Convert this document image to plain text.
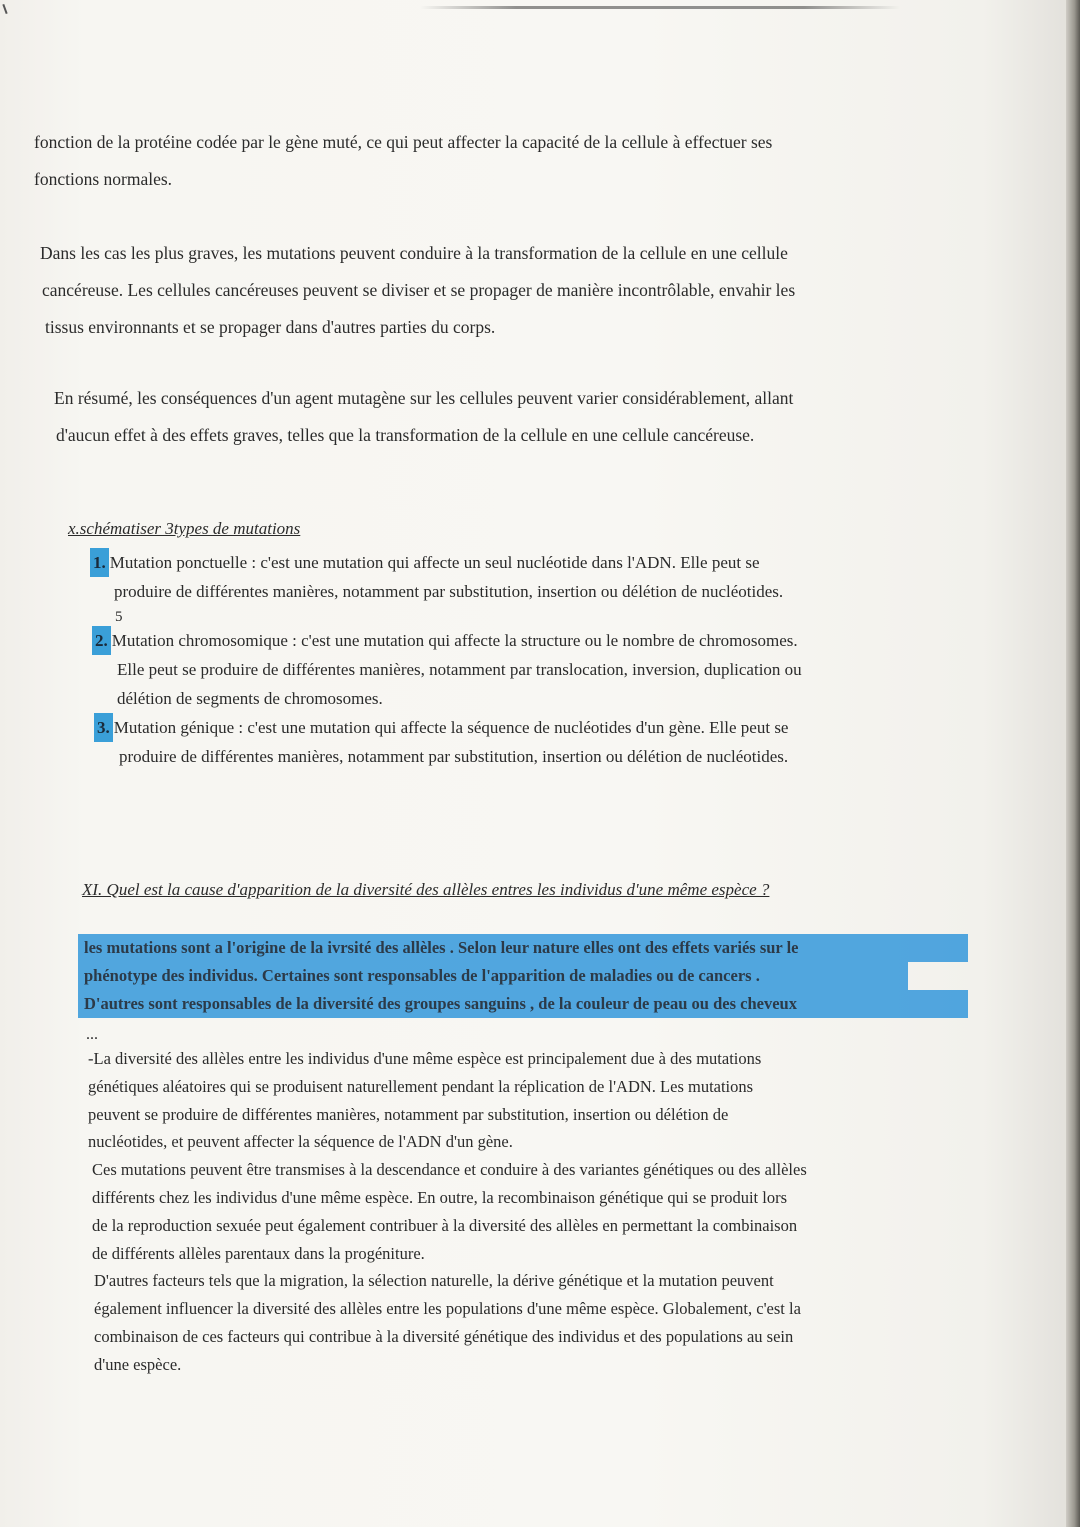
fonction de la protéine codée par le gène muté, ce qui peut affecter la capacité de la cellule à effectuer ses

fonctions normales.

Dans les cas les plus graves, les mutations peuvent conduire à la transformation de la cellule en une cellule

cancéreuse. Les cellules cancéreuses peuvent se diviser et se propager de manière incontrôlable, envahir les

tissus environnants et se propager dans d'autres parties du corps.

En résumé, les conséquences d'un agent mutagène sur les cellules peuvent varier considérablement, allant

d'aucun effet à des effets graves, telles que la transformation de la cellule en une cellule cancéreuse.

x.schématiser 3types de mutations
1. Mutation ponctuelle : c'est une mutation qui affecte un seul nucléotide dans l'ADN. Elle peut se
produire de différentes manières, notamment par substitution, insertion ou délétion de nucléotides.
5
2. Mutation chromosomique : c'est une mutation qui affecte la structure ou le nombre de chromosomes.
Elle peut se produire de différentes manières, notamment par translocation, inversion, duplication ou
délétion de segments de chromosomes.
3. Mutation génique : c'est une mutation qui affecte la séquence de nucléotides d'un gène. Elle peut se
produire de différentes manières, notamment par substitution, insertion ou délétion de nucléotides.
XI. Quel est la cause d'apparition de la diversité des allèles entres les individus d'une même espèce ?
les mutations sont a l'origine de la ivrsité des allèles . Selon leur nature elles ont des effets variés sur le
phénotype des individus. Certaines sont responsables de l'apparition de maladies ou de cancers .
D'autres sont responsables de la diversité des groupes sanguins , de la couleur de peau ou des cheveux
...

-La diversité des allèles entre les individus d'une même espèce est principalement due à des mutations

génétiques aléatoires qui se produisent naturellement pendant la réplication de l'ADN. Les mutations

peuvent se produire de différentes manières, notamment par substitution, insertion ou délétion de

nucléotides, et peuvent affecter la séquence de l'ADN d'un gène.

Ces mutations peuvent être transmises à la descendance et conduire à des variantes génétiques ou des allèles

différents chez les individus d'une même espèce. En outre, la recombinaison génétique qui se produit lors

de la reproduction sexuée peut également contribuer à la diversité des allèles en permettant la combinaison

de différents allèles parentaux dans la progéniture.

D'autres facteurs tels que la migration, la sélection naturelle, la dérive génétique et la mutation peuvent

également influencer la diversité des allèles entre les populations d'une même espèce. Globalement, c'est la

combinaison de ces facteurs qui contribue à la diversité génétique des individus et des populations au sein

d'une espèce.
